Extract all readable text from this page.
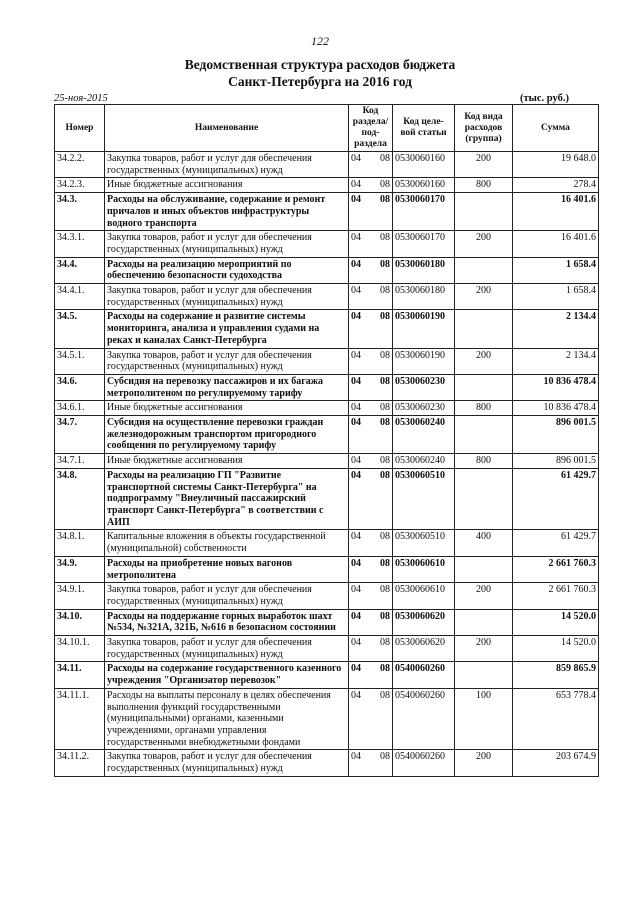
122
Ведомственная структура расходов бюджета
Санкт-Петербурга на 2016 год
25-ноя-2015	(тыс. руб.)
Номер	Наименование	Код раздела/ под- раздела	Код целе- вой статьи	Код вида расходов (группа)	Сумма
34.2.2.	Закупка товаров, работ и услуг для обеспечения государственных (муниципальных) нужд	04 08	0530060160	200	19 648.0
34.2.3.	Иные бюджетные ассигнования	04 08	0530060160	800	278.4
34.3.	Расходы на обслуживание, содержание и ремонт причалов и иных объектов инфраструктуры водного транспорта	04 08	0530060170		16 401.6
34.3.1.	Закупка товаров, работ и услуг для обеспечения государственных (муниципальных) нужд	04 08	0530060170	200	16 401.6
34.4.	Расходы на реализацию мероприятий по обеспечению безопасности судоходства	04 08	0530060180		1 658.4
34.4.1.	Закупка товаров, работ и услуг для обеспечения государственных (муниципальных) нужд	04 08	0530060180	200	1 658.4
34.5.	Расходы на содержание и развитие системы мониторинга, анализа и управления судами на реках и каналах Санкт-Петербурга	04 08	0530060190		2 134.4
34.5.1.	Закупка товаров, работ и услуг для обеспечения государственных (муниципальных) нужд	04 08	0530060190	200	2 134.4
34.6.	Субсидия на перевозку пассажиров и их багажа метрополитеном по регулируемому тарифу	04 08	0530060230		10 836 478.4
34.6.1.	Иные бюджетные ассигнования	04 08	0530060230	800	10 836 478.4
34.7.	Субсидия на осуществление перевозки граждан железнодорожным транспортом пригородного сообщения по регулируемому тарифу	04 08	0530060240		896 001.5
34.7.1.	Иные бюджетные ассигнования	04 08	0530060240	800	896 001.5
34.8.	Расходы на реализацию ГП "Развитие транспортной системы Санкт-Петербурга" на подпрограмму "Внеуличный пассажирский транспорт Санкт-Петербурга" в соответствии с АИП	04 08	0530060510		61 429.7
34.8.1.	Капитальные вложения в объекты государственной (муниципальной) собственности	04 08	0530060510	400	61 429.7
34.9.	Расходы на приобретение новых вагонов метрополитена	04 08	0530060610		2 661 760.3
34.9.1.	Закупка товаров, работ и услуг для обеспечения государственных (муниципальных) нужд	04 08	0530060610	200	2 661 760.3
34.10.	Расходы на поддержание горных выработок шахт №534, №321А, 321Б, №616 в безопасном состоянии	04 08	0530060620		14 520.0
34.10.1.	Закупка товаров, работ и услуг для обеспечения государственных (муниципальных) нужд	04 08	0530060620	200	14 520.0
34.11.	Расходы на содержание государственного казенного учреждения "Организатор перевозок"	04 08	0540060260		859 865.9
34.11.1.	Расходы на выплаты персоналу в целях обеспечения выполнения функций государственными (муниципальными) органами, казенными учреждениями, органами управления государственными внебюджетными фондами	04 08	0540060260	100	653 778.4
34.11.2.	Закупка товаров, работ и услуг для обеспечения государственных (муниципальных) нужд	04 08	0540060260	200	203 674.9
